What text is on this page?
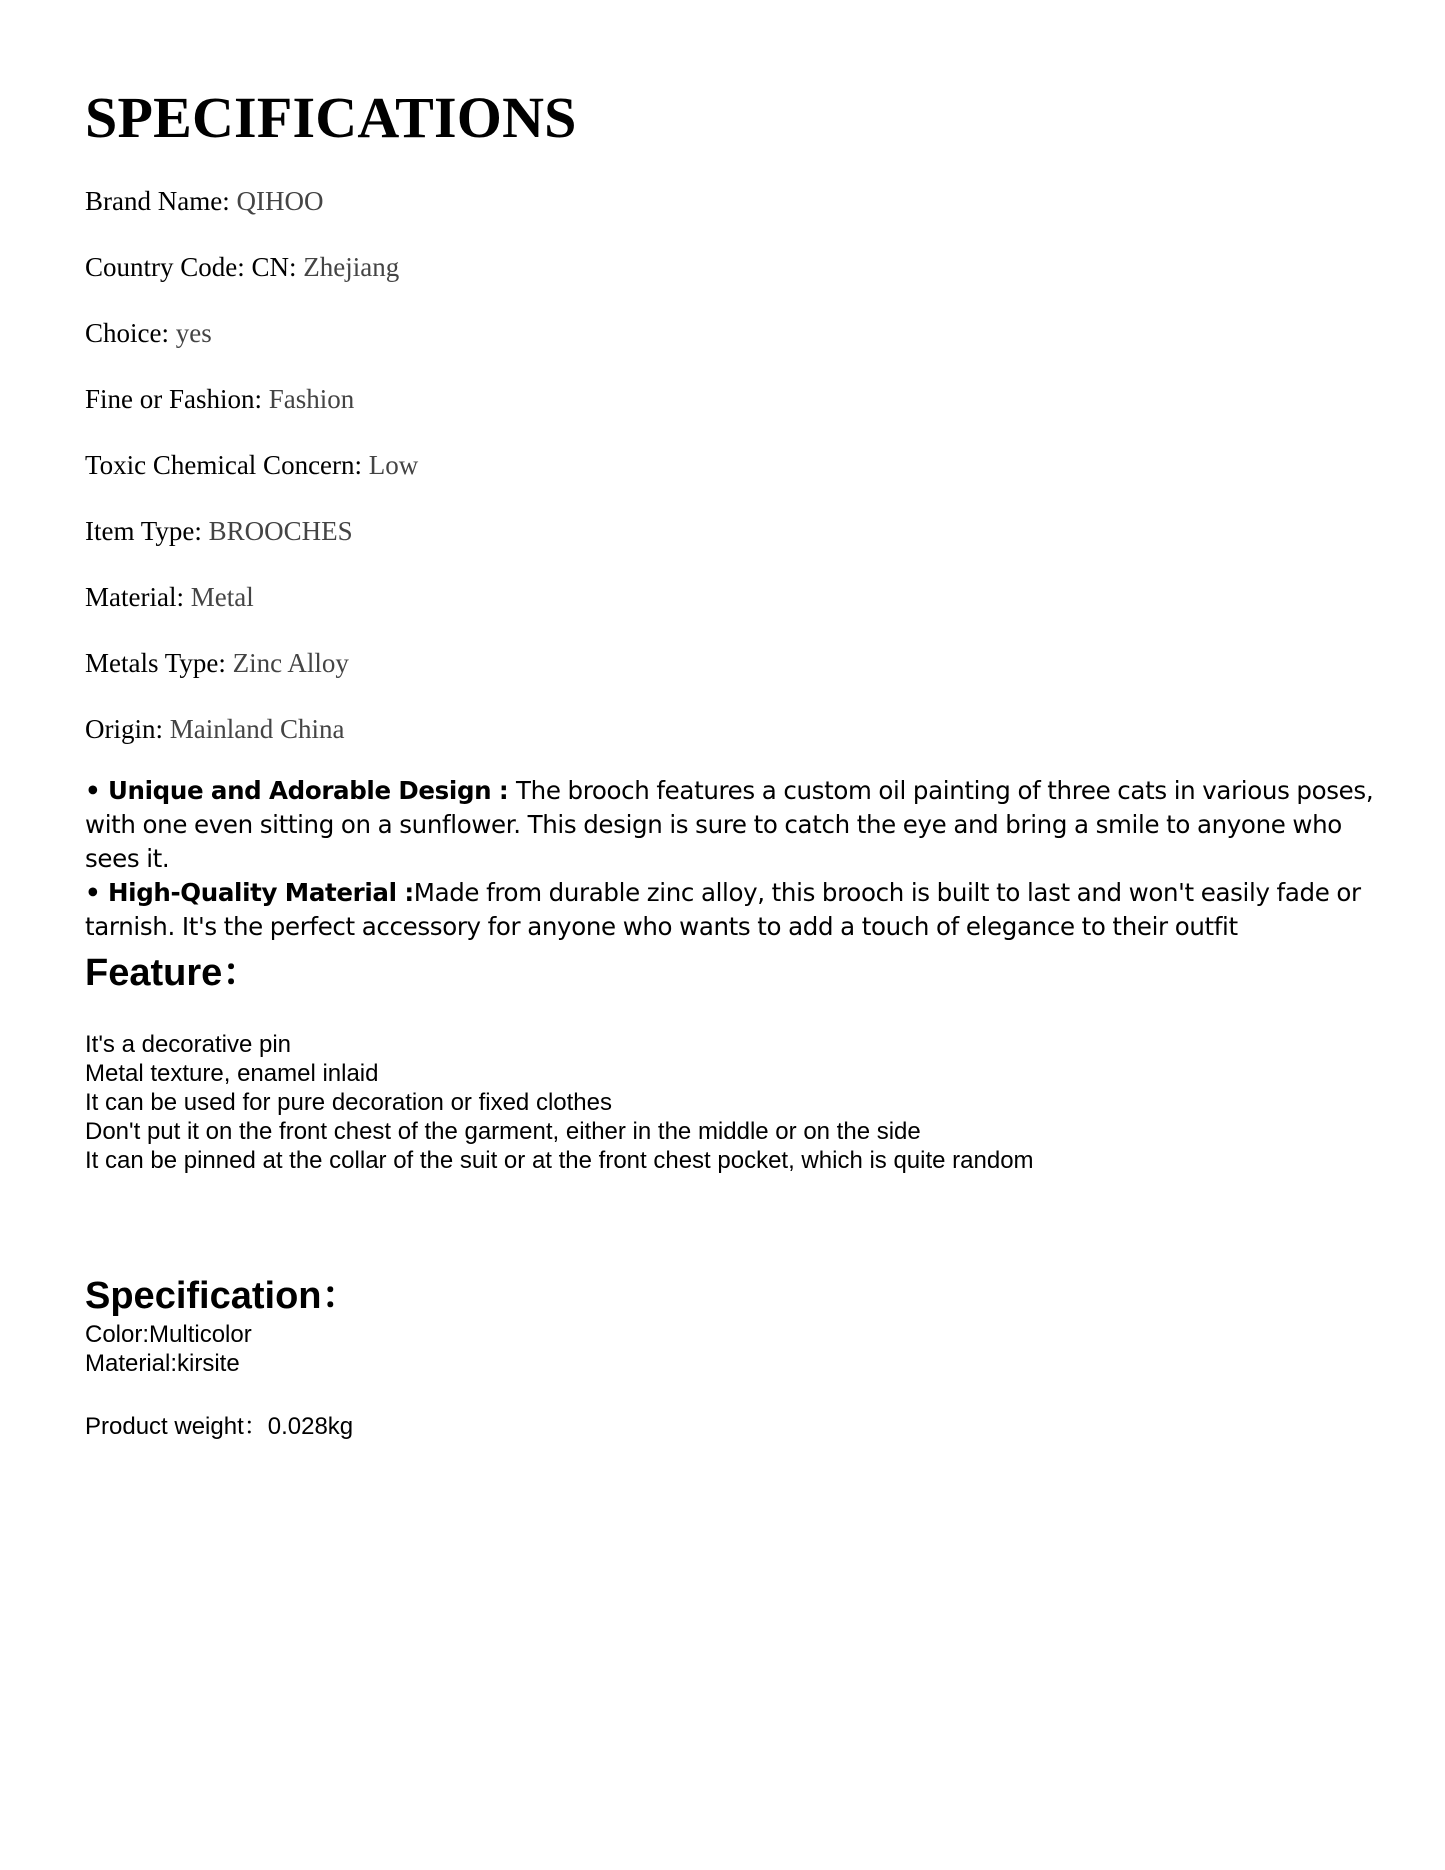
SPECIFICATIONS
Brand Name: QIHOO
Country Code: CN: Zhejiang
Choice: yes
Fine or Fashion: Fashion
Toxic Chemical Concern: Low
Item Type: BROOCHES
Material: Metal
Metals Type: Zinc Alloy
Origin: Mainland China
• Unique and Adorable Design : The brooch features a custom oil painting of three cats in various poses, with one even sitting on a sunflower. This design is sure to catch the eye and bring a smile to anyone who sees it.
• High-Quality Material :Made from durable zinc alloy, this brooch is built to last and won't easily fade or tarnish. It's the perfect accessory for anyone who wants to add a touch of elegance to their outfit
Feature：
It's a decorative pin
Metal texture, enamel inlaid
It can be used for pure decoration or fixed clothes
Don't put it on the front chest of the garment, either in the middle or on the side
It can be pinned at the collar of the suit or at the front chest pocket, which is quite random
Specification：
Color:Multicolor
Material:kirsite
Product weight：0.028kg
